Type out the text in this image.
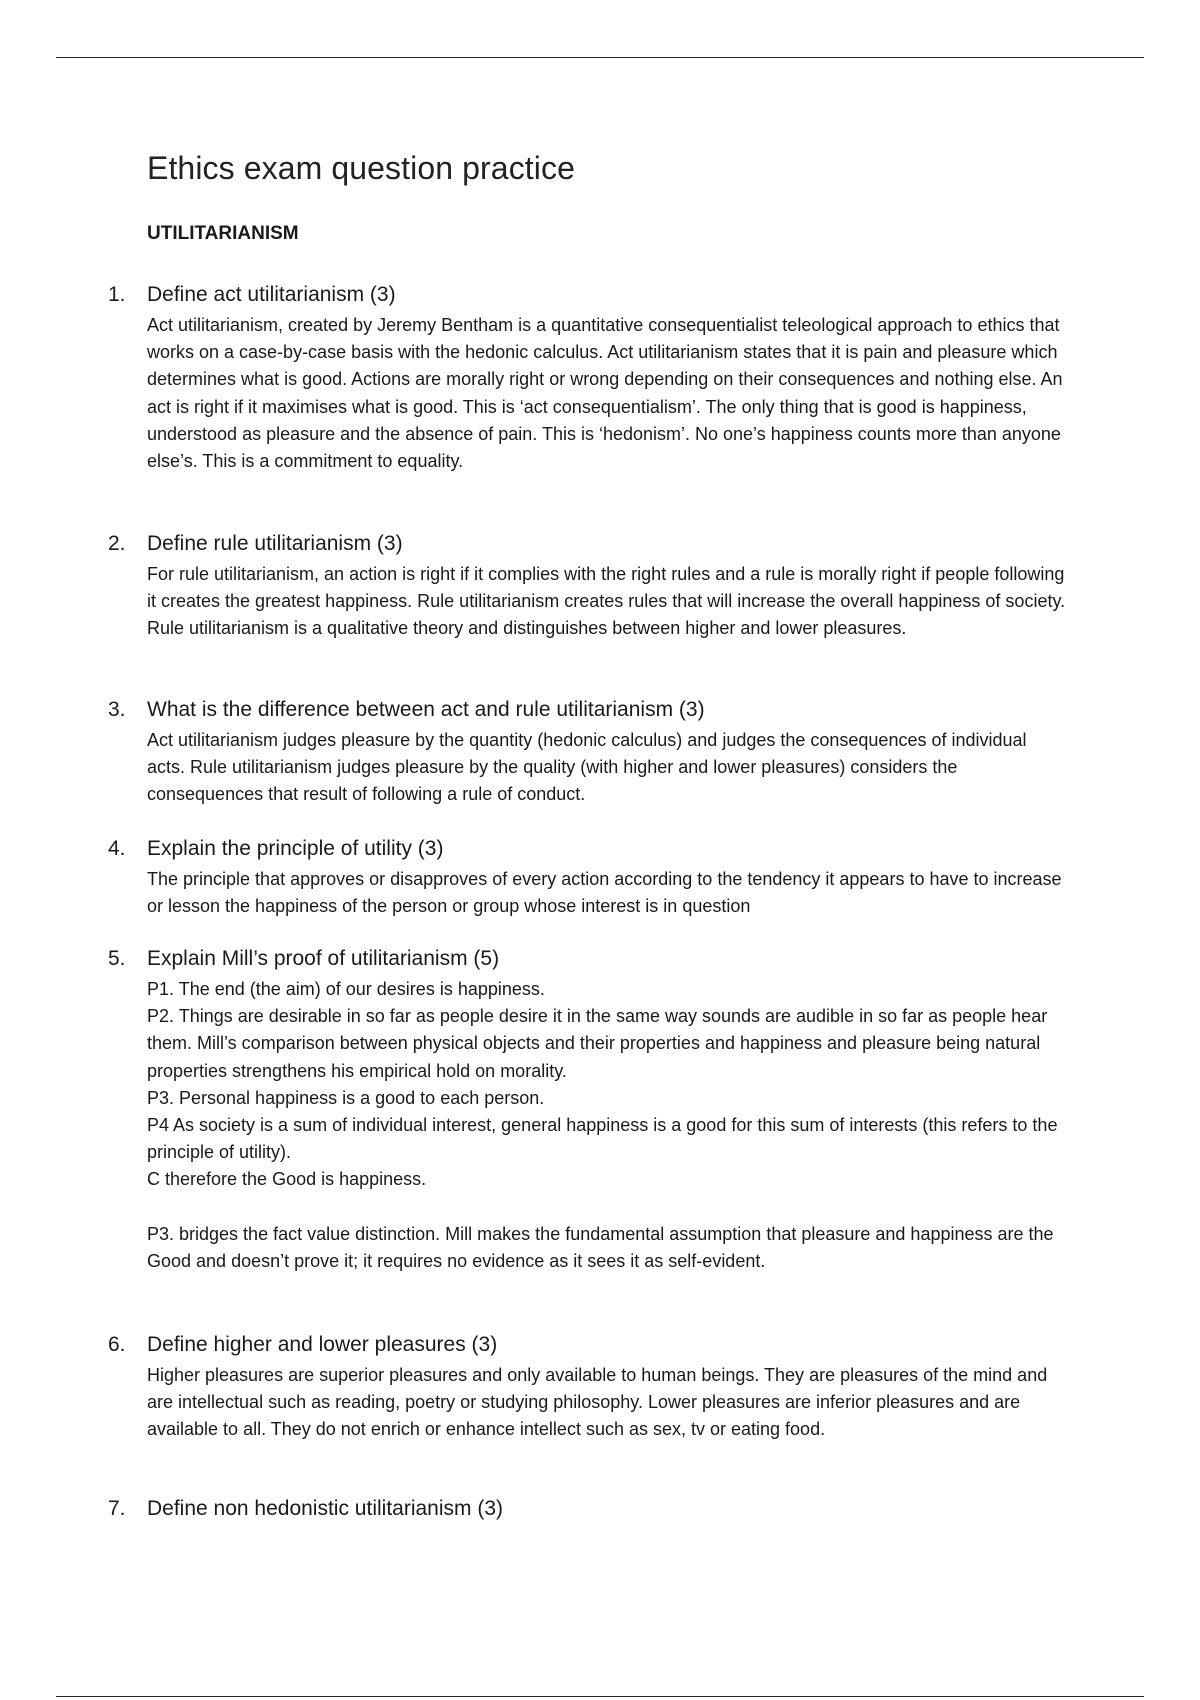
Ethics exam question practice
UTILITARIANISM
1. Define act utilitarianism (3)

Act utilitarianism, created by Jeremy Bentham is a quantitative consequentialist teleological approach to ethics that works on a case-by-case basis with the hedonic calculus. Act utilitarianism states that it is pain and pleasure which determines what is good. Actions are morally right or wrong depending on their consequences and nothing else. An act is right if it maximises what is good. This is ‘act consequentialism’. The only thing that is good is happiness, understood as pleasure and the absence of pain. This is ‘hedonism’. No one’s happiness counts more than anyone else’s. This is a commitment to equality.

2. Define rule utilitarianism (3)

For rule utilitarianism, an action is right if it complies with the right rules and a rule is morally right if people following it creates the greatest happiness. Rule utilitarianism creates rules that will increase the overall happiness of society. Rule utilitarianism is a qualitative theory and distinguishes between higher and lower pleasures.

3. What is the difference between act and rule utilitarianism (3)

Act utilitarianism judges pleasure by the quantity (hedonic calculus) and judges the consequences of individual acts. Rule utilitarianism judges pleasure by the quality (with higher and lower pleasures) considers the consequences that result of following a rule of conduct.

4. Explain the principle of utility (3)

The principle that approves or disapproves of every action according to the tendency it appears to have to increase or lesson the happiness of the person or group whose interest is in question

5. Explain Mill’s proof of utilitarianism (5)

P1. The end (the aim) of our desires is happiness.

P2. Things are desirable in so far as people desire it in the same way sounds are audible in so far as people hear them. Mill’s comparison between physical objects and their properties and happiness and pleasure being natural properties strengthens his empirical hold on morality.

P3. Personal happiness is a good to each person.

P4 As society is a sum of individual interest, general happiness is a good for this sum of interests (this refers to the principle of utility).

C therefore the Good is happiness.

P3. bridges the fact value distinction. Mill makes the fundamental assumption that pleasure and happiness are the Good and doesn’t prove it; it requires no evidence as it sees it as self-evident.

6. Define higher and lower pleasures (3)

Higher pleasures are superior pleasures and only available to human beings. They are pleasures of the mind and are intellectual such as reading, poetry or studying philosophy. Lower pleasures are inferior pleasures and are available to all. They do not enrich or enhance intellect such as sex, tv or eating food.

7. Define non hedonistic utilitarianism (3)
